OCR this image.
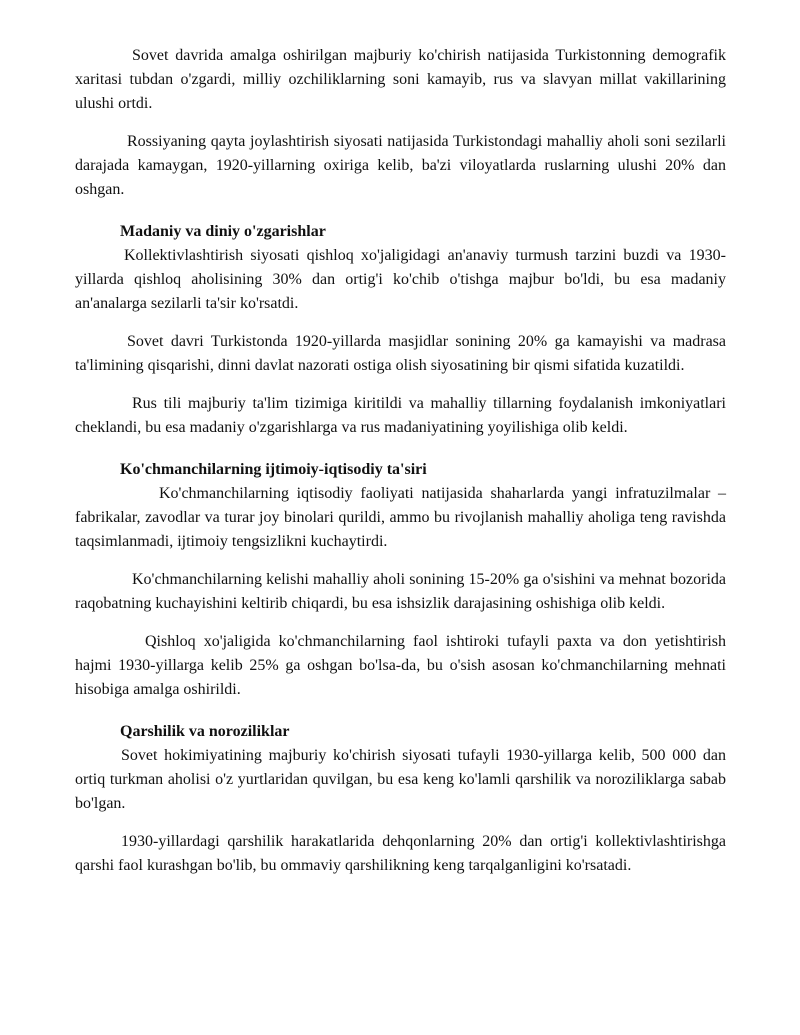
Sovet davrida amalga oshirilgan majburiy ko'chirish natijasida Turkistonning demografik xaritasi tubdan o'zgardi, milliy ozchiliklarning soni kamayib, rus va slavyan millat vakillarining ulushi ortdi.

Rossiyaning qayta joylashtirish siyosati natijasida Turkistondagi mahalliy aholi soni sezilarli darajada kamaygan, 1920-yillarning oxiriga kelib, ba'zi viloyatlarda ruslarning ulushi 20% dan oshgan.

Madaniy va diniy o'zgarishlar

Kollektivlashtirish siyosati qishloq xo'jaligidagi an'anaviy turmush tarzini buzdi va 1930-yillarda qishloq aholisining 30% dan ortig'i ko'chib o'tishga majbur bo'ldi, bu esa madaniy an'analarga sezilarli ta'sir ko'rsatdi.

Sovet davri Turkistonda 1920-yillarda masjidlar sonining 20% ga kamayishi va madrasa ta'limining qisqarishi, dinni davlat nazorati ostiga olish siyosatining bir qismi sifatida kuzatildi.

Rus tili majburiy ta'lim tizimiga kiritildi va mahalliy tillarning foydalanish imkoniyatlari cheklandi, bu esa madaniy o'zgarishlarga va rus madaniyatining yoyilishiga olib keldi.

Ko'chmanchilarning ijtimoiy-iqtisodiy ta'siri

Ko'chmanchilarning iqtisodiy faoliyati natijasida shaharlarda yangi infratuzilmalar – fabrikalar, zavodlar va turar joy binolari qurildi, ammo bu rivojlanish mahalliy aholiga teng ravishda taqsimlanmadi, ijtimoiy tengsizlikni kuchaytirdi.

Ko'chmanchilarning kelishi mahalliy aholi sonining 15-20% ga o'sishini va mehnat bozorida raqobatning kuchayishini keltirib chiqardi, bu esa ishsizlik darajasining oshishiga olib keldi.

Qishloq xo'jaligida ko'chmanchilarning faol ishtiroki tufayli paxta va don yetishtirish hajmi 1930-yillarga kelib 25% ga oshgan bo'lsa-da, bu o'sish asosan ko'chmanchilarning mehnati hisobiga amalga oshirildi.

Qarshilik va noroziliklar

Sovet hokimiyatining majburiy ko'chirish siyosati tufayli 1930-yillarga kelib, 500 000 dan ortiq turkman aholisi o'z yurtlaridan quvilgan, bu esa keng ko'lamli qarshilik va noroziliklarga sabab bo'lgan.

1930-yillardagi qarshilik harakatlarida dehqonlarning 20% dan ortig'i kollektivlashtirishga qarshi faol kurashgan bo'lib, bu ommaviy qarshilikning keng tarqalganligini ko'rsatadi.
